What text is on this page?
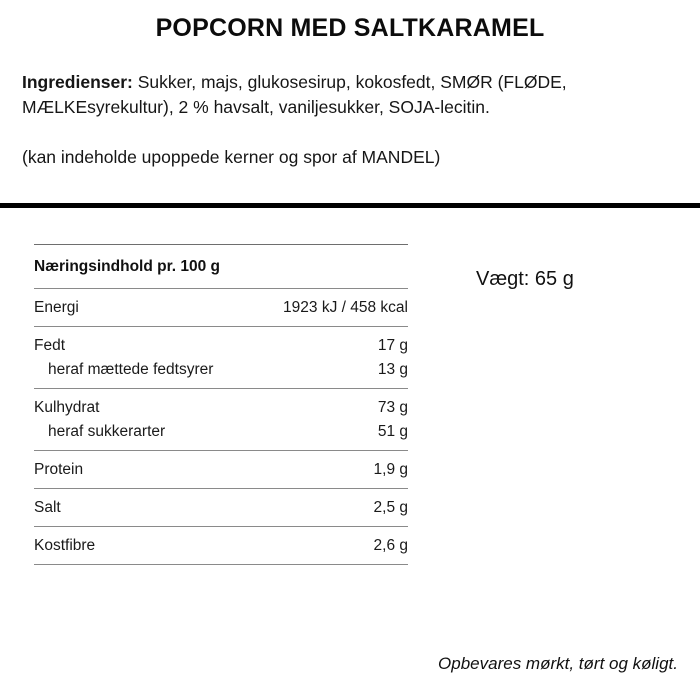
POPCORN MED SALTKARAMEL

Ingredienser: Sukker, majs, glukosesirup, kokosfedt, SMØR (FLØDE, MÆLKEsyrekultur), 2 % havsalt, vaniljesukker, SOJA-lecitin.

(kan indeholde upoppede kerner og spor af MANDEL)

Næringsindhold pr. 100 g
Energi	1923 kJ / 458 kcal
Fedt	17 g
heraf mættede fedtsyrer	13 g
Kulhydrat	73 g
heraf sukkerarter	51 g
Protein	1,9 g
Salt	2,5 g
Kostfibre	2,6 g
Vægt: 65 g
Opbevares mørkt, tørt og køligt.
